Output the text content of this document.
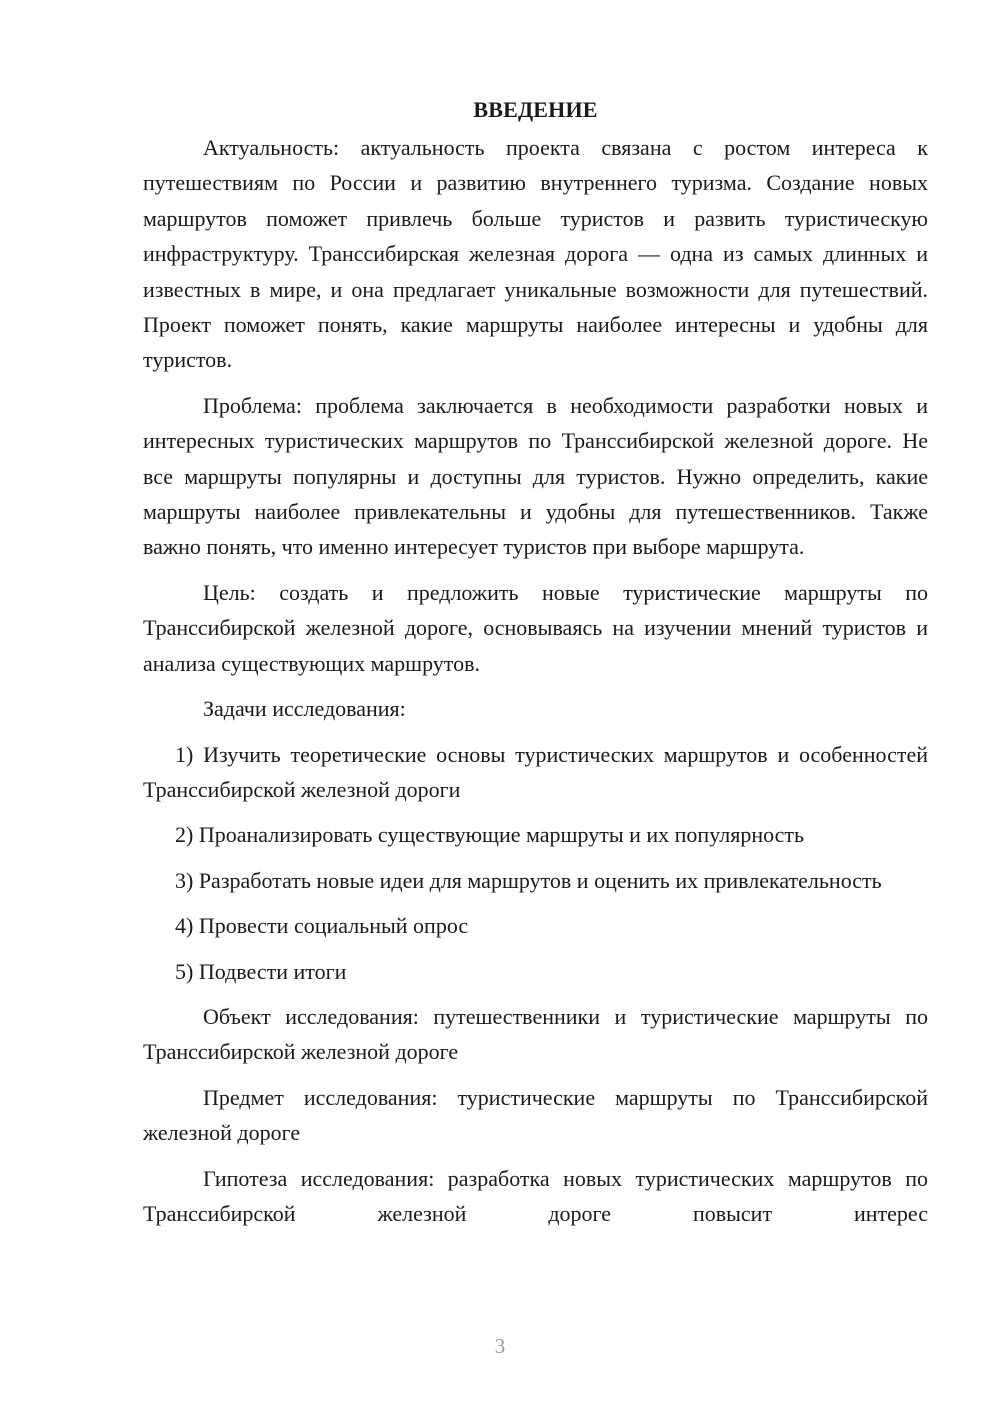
ВВЕДЕНИЕ

Актуальность: актуальность проекта связана с ростом интереса к путешествиям по России и развитию внутреннего туризма. Создание новых маршрутов поможет привлечь больше туристов и развить туристическую инфраструктуру. Транссибирская железная дорога — одна из самых длинных и известных в мире, и она предлагает уникальные возможности для путешествий. Проект поможет понять, какие маршруты наиболее интересны и удобны для туристов.

Проблема: проблема заключается в необходимости разработки новых и интересных туристических маршрутов по Транссибирской железной дороге. Не все маршруты популярны и доступны для туристов. Нужно определить, какие маршруты наиболее привлекательны и удобны для путешественников. Также важно понять, что именно интересует туристов при выборе маршрута.

Цель: создать и предложить новые туристические маршруты по Транссибирской железной дороге, основываясь на изучении мнений туристов и анализа существующих маршрутов.

Задачи исследования:

1) Изучить теоретические основы туристических маршрутов и особенностей Транссибирской железной дороги

2) Проанализировать существующие маршруты и их популярность

3) Разработать новые идеи для маршрутов и оценить их привлекательность

4) Провести социальный опрос

5) Подвести итоги

Объект исследования: путешественники и туристические маршруты по Транссибирской железной дороге

Предмет исследования: туристические маршруты по Транссибирской железной дороге

Гипотеза исследования: разработка новых туристических маршрутов по Транссибирской железной дороге повысит интерес

3
